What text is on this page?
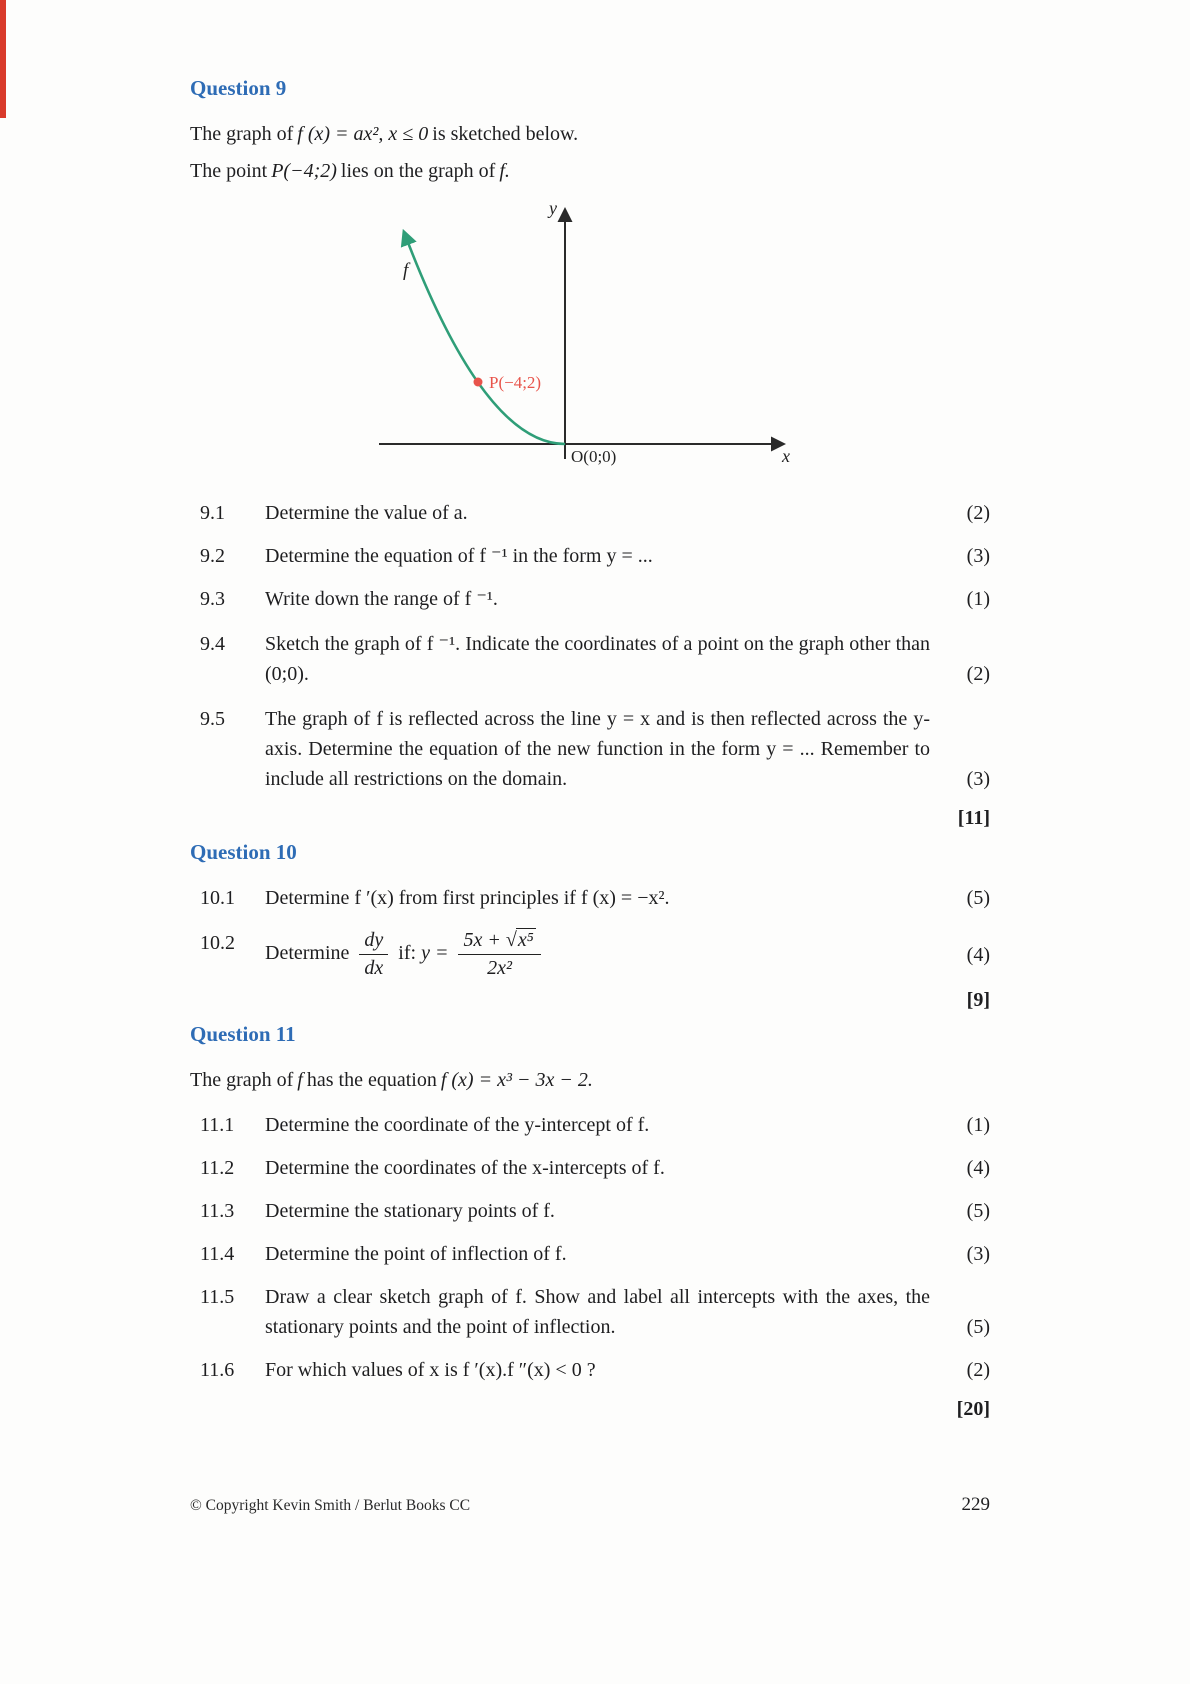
Question 9
The graph of f (x) = ax², x ≤ 0 is sketched below.
The point P(−4;2) lies on the graph of f.
y
x
f
P(−4;2)
O(0;0)
9.1	Determine the value of a.	(2)
9.2	Determine the equation of f ⁻¹ in the form y = ...	(3)
9.3	Write down the range of f ⁻¹.	(1)
9.4	Sketch the graph of f ⁻¹. Indicate the coordinates of a point on the graph other than (0;0).	(2)
9.5	The graph of f is reflected across the line y = x and is then reflected across the y-axis. Determine the equation of the new function in the form y = ... Remember to include all restrictions on the domain.	(3)
[11]
Question 10
10.1	Determine f ′(x) from first principles if f (x) = −x².	(5)
10.2	Determine $\frac{dy}{dx}$ if: $y = \frac{\text{5x + √x⁵}}{\text{2x²}}$	(4)
[9]
Question 11
The graph of f has the equation f (x) = x³ − 3x − 2.
11.1	Determine the coordinate of the y-intercept of f.	(1)
11.2	Determine the coordinates of the x-intercepts of f.	(4)
11.3	Determine the stationary points of f.	(5)
11.4	Determine the point of inflection of f.	(3)
11.5	Draw a clear sketch graph of f. Show and label all intercepts with the axes, the stationary points and the point of inflection.	(5)
11.6	For which values of x is f ′(x).f ″(x) < 0 ?	(2)
[20]
© Copyright Kevin Smith / Berlut Books CC	229
